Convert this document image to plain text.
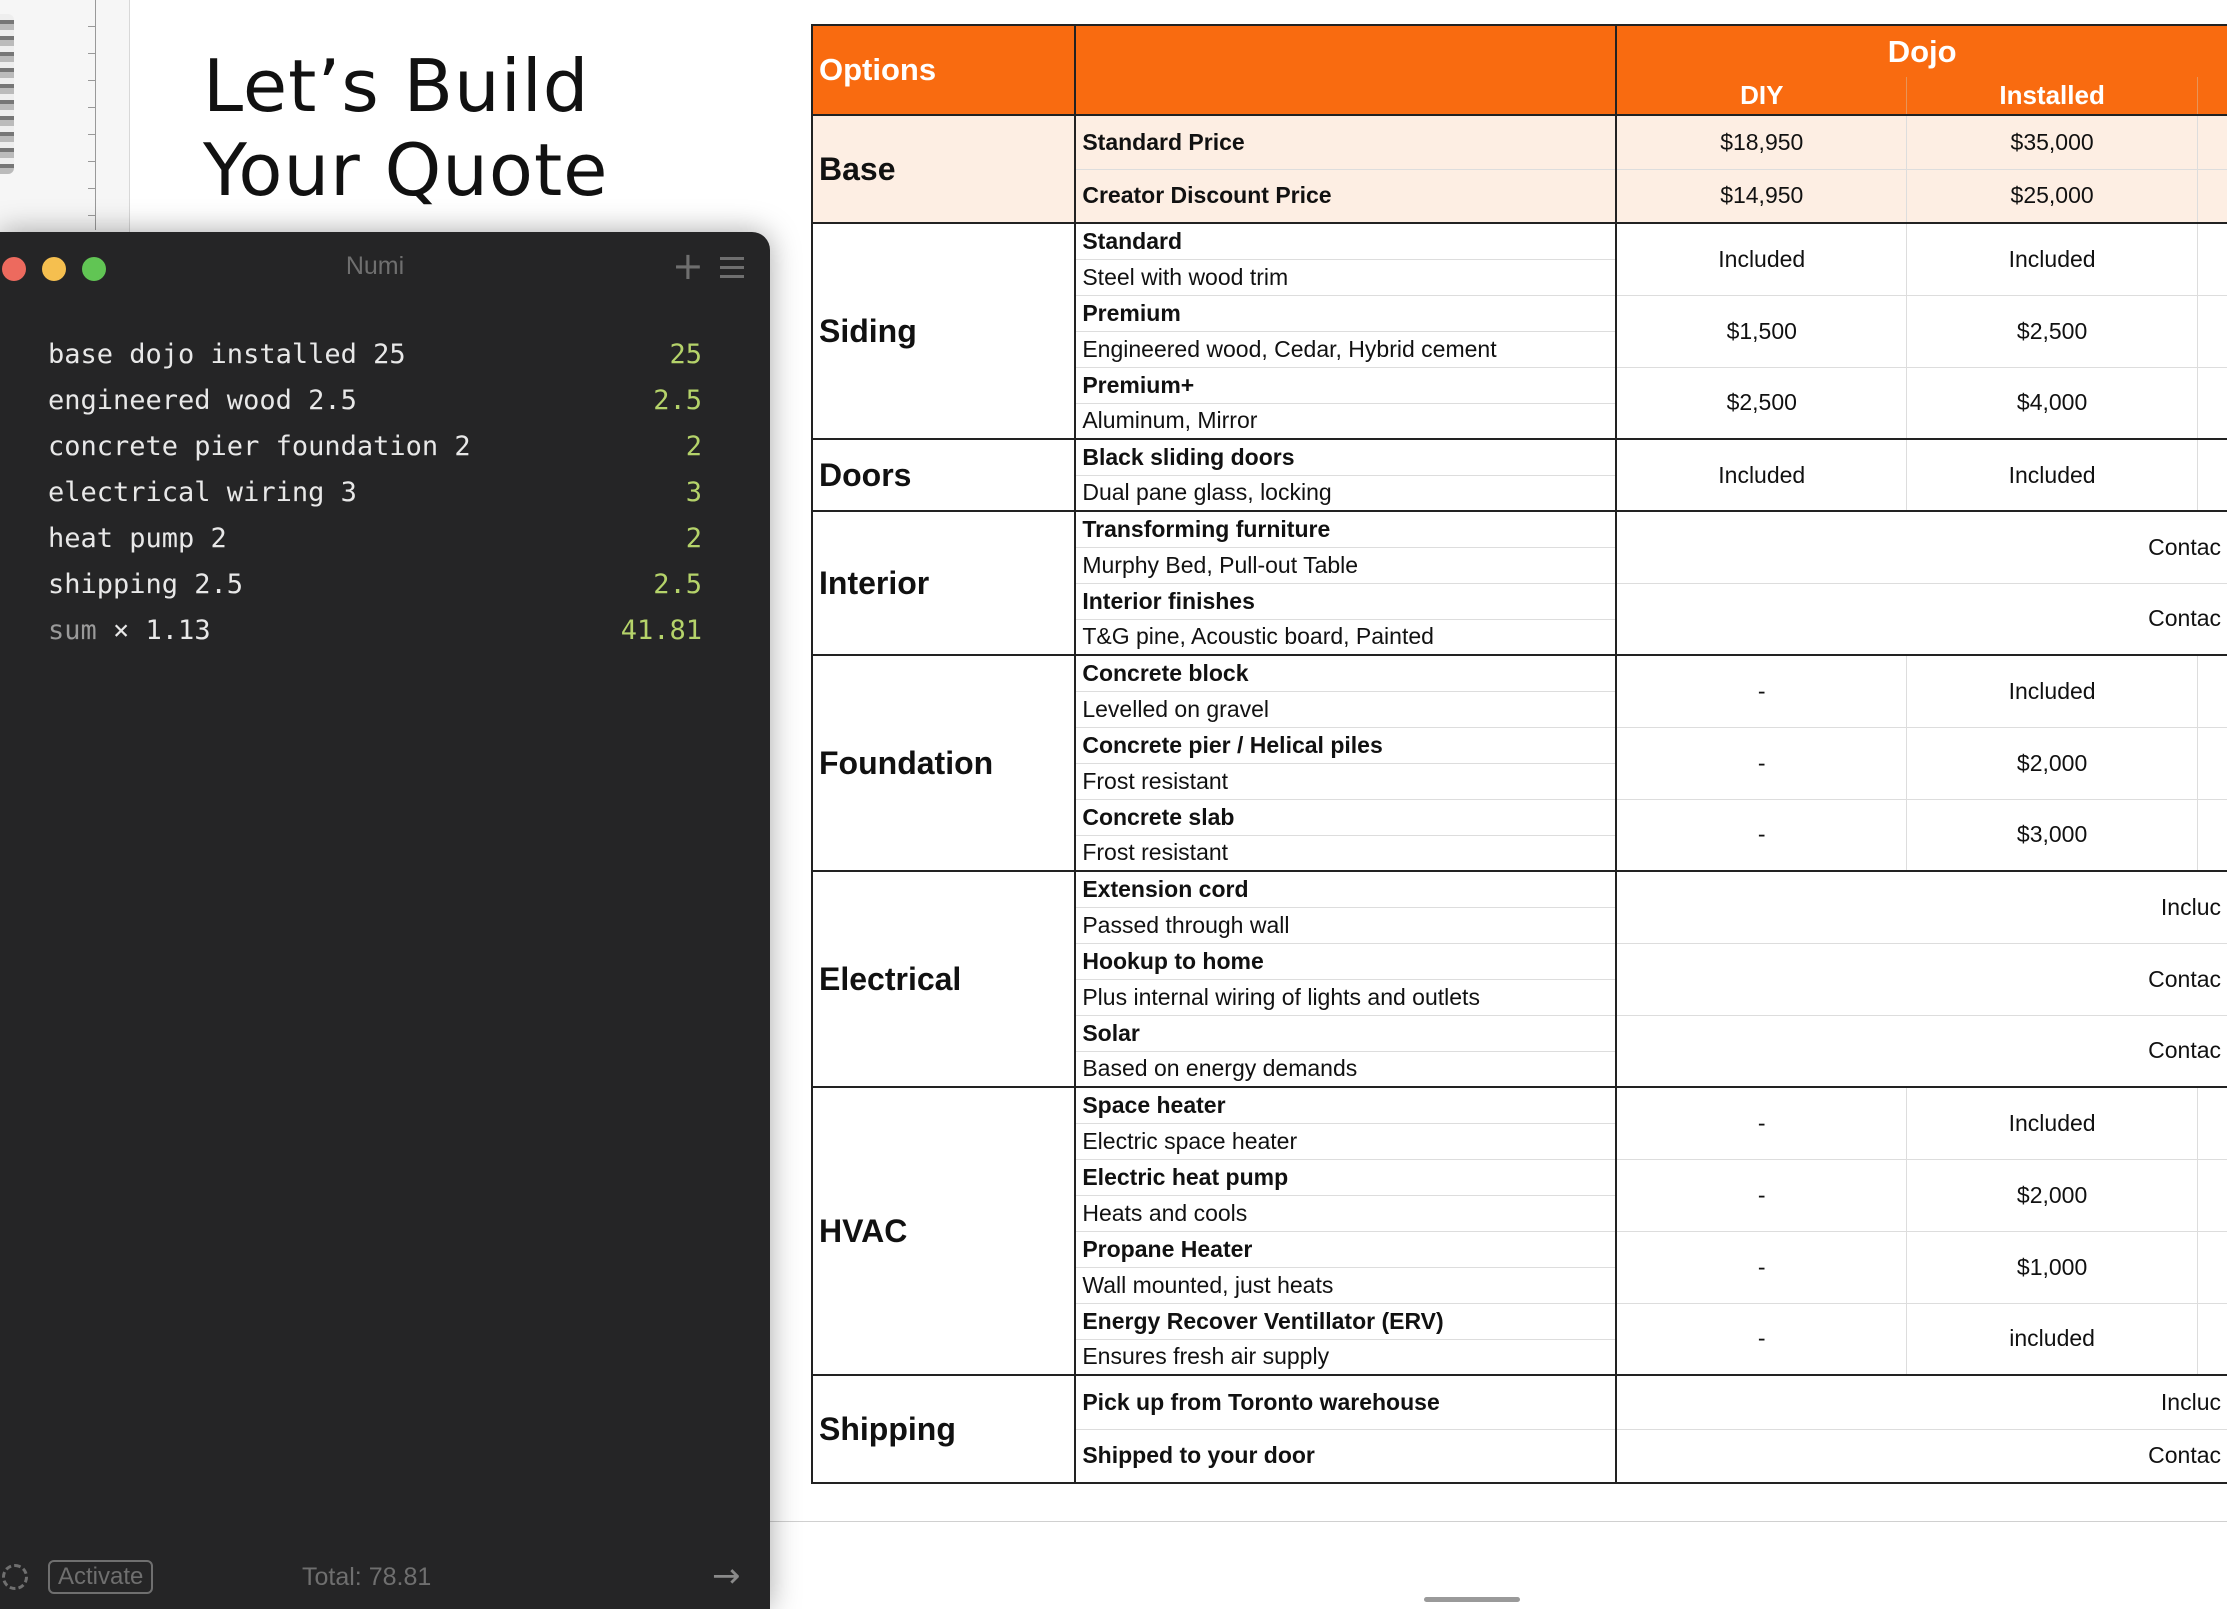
Let’s Build Your Quote
Options		Dojo		
		DIY	Installed	
Base	Standard Price	$18,950	$35,000	
	Creator Discount Price	$14,950	$25,000	
Siding	Standard	Included	Included	
	Steel with wood trim			
	Premium	$1,500	$2,500	
	Engineered wood, Cedar, Hybrid cement			
	Premium+	$2,500	$4,000	
	Aluminum, Mirror			
Doors	Black sliding doors	Included	Included	
	Dual pane glass, locking			
Interior	Transforming furniture	Contac		
	Murphy Bed, Pull-out Table			
	Interior finishes	Contac		
	T&G pine, Acoustic board, Painted			
Foundation	Concrete block	-	Included	
	Levelled on gravel			
	Concrete pier / Helical piles	-	$2,000	
	Frost resistant			
	Concrete slab	-	$3,000	
	Frost resistant			
Electrical	Extension cord	Incluc		
	Passed through wall			
	Hookup to home	Contac		
	Plus internal wiring of lights and outlets			
	Solar	Contac		
	Based on energy demands			
HVAC	Space heater	-	Included	
	Electric space heater			
	Electric heat pump	-	$2,000	
	Heats and cools			
	Propane Heater	-	$1,000	
	Wall mounted, just heats			
	Energy Recover Ventillator (ERV)	-	included	
	Ensures fresh air supply			
Shipping	Pick up from Toronto warehouse	Incluc		
	Shipped to your door	Contac		
Numi	+
base dojo installed 25	25
engineered wood 2.5	2.5
concrete pier foundation 2	2
electrical wiring 3	3
heat pump 2	2
shipping 2.5	2.5
sum × 1.13	41.81
Activate	Total: 78.81	→
